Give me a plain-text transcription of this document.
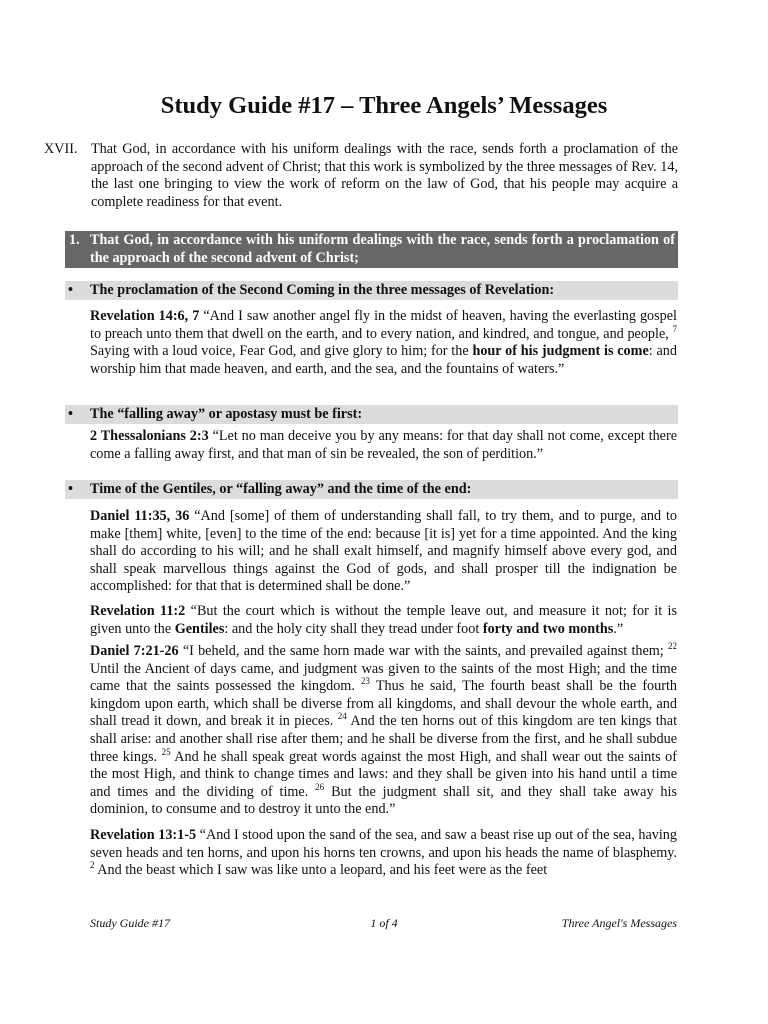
Study Guide #17 – Three Angels’ Messages
XVII. That God, in accordance with his uniform dealings with the race, sends forth a proclamation of the approach of the second advent of Christ; that this work is symbolized by the three messages of Rev. 14, the last one bringing to view the work of reform on the law of God, that his people may acquire a complete readiness for that event.
1. That God, in accordance with his uniform dealings with the race, sends forth a proclamation of the approach of the second advent of Christ;
• The proclamation of the Second Coming in the three messages of Revelation:
Revelation 14:6, 7 “And I saw another angel fly in the midst of heaven, having the everlasting gospel to preach unto them that dwell on the earth, and to every nation, and kindred, and tongue, and people, $^7$ Saying with a loud voice, Fear God, and give glory to him; for the hour of his judgment is come: and worship him that made heaven, and earth, and the sea, and the fountains of waters.”
• The “falling away” or apostasy must be first:
2 Thessalonians 2:3 “Let no man deceive you by any means: for that day shall not come, except there come a falling away first, and that man of sin be revealed, the son of perdition.”
• Time of the Gentiles, or “falling away” and the time of the end:
Daniel 11:35, 36 “And [some] of them of understanding shall fall, to try them, and to purge, and to make [them] white, [even] to the time of the end: because [it is] yet for a time appointed. And the king shall do according to his will; and he shall exalt himself, and magnify himself above every god, and shall speak marvellous things against the God of gods, and shall prosper till the indignation be accomplished: for that that is determined shall be done.”
Revelation 11:2 “But the court which is without the temple leave out, and measure it not; for it is given unto the Gentiles: and the holy city shall they tread under foot forty and two months.”
Daniel 7:21-26 “I beheld, and the same horn made war with the saints, and prevailed against them; $^{22}$ Until the Ancient of days came, and judgment was given to the saints of the most High; and the time came that the saints possessed the kingdom. $^{23}$ Thus he said, The fourth beast shall be the fourth kingdom upon earth, which shall be diverse from all kingdoms, and shall devour the whole earth, and shall tread it down, and break it in pieces. $^{24}$ And the ten horns out of this kingdom are ten kings that shall arise: and another shall rise after them; and he shall be diverse from the first, and he shall subdue three kings. $^{25}$ And he shall speak great words against the most High, and shall wear out the saints of the most High, and think to change times and laws: and they shall be given into his hand until a time and times and the dividing of time. $^{26}$ But the judgment shall sit, and they shall take away his dominion, to consume and to destroy it unto the end.”
Revelation 13:1-5 “And I stood upon the sand of the sea, and saw a beast rise up out of the sea, having seven heads and ten horns, and upon his horns ten crowns, and upon his heads the name of blasphemy. $^2$ And the beast which I saw was like unto a leopard, and his feet were as the feet
Study Guide #17	1 of 4	Three Angel's Messages
